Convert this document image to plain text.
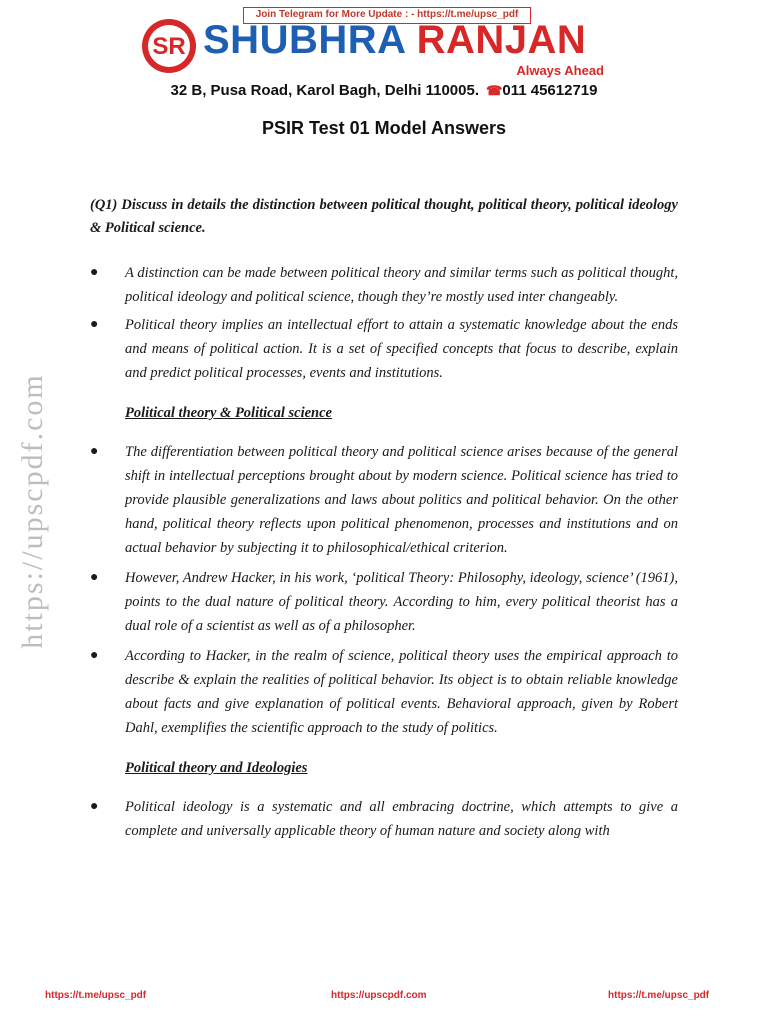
Join Telegram for More Update : - https://t.me/upsc_pdf
SR SHUBHRA RANJAN
Always Ahead
32 B, Pusa Road, Karol Bagh, Delhi 110005. ☎011 45612719
PSIR Test 01 Model Answers
https://upscpdf.com

(Q1) Discuss in details the distinction between political thought, political theory, political ideology & Political science.

● A distinction can be made between political theory and similar terms such as political thought, political ideology and political science, though they’re mostly used inter changeably.
● Political theory implies an intellectual effort to attain a systematic knowledge about the ends and means of political action. It is a set of specified concepts that focus to describe, explain and predict political processes, events and institutions.
Political theory & Political science
● The differentiation between political theory and political science arises because of the general shift in intellectual perceptions brought about by modern science. Political science has tried to provide plausible generalizations and laws about politics and political behavior. On the other hand, political theory reflects upon political phenomenon, processes and institutions and on actual behavior by subjecting it to philosophical/ethical criterion.
● However, Andrew Hacker, in his work, ‘political Theory: Philosophy, ideology, science’ (1961), points to the dual nature of political theory. According to him, every political theorist has a dual role of a scientist as well as of a philosopher.
● According to Hacker, in the realm of science, political theory uses the empirical approach to describe & explain the realities of political behavior. Its object is to obtain reliable knowledge about facts and give explanation of political events. Behavioral approach, given by Robert Dahl, exemplifies the scientific approach to the study of politics.
Political theory and Ideologies
● Political ideology is a systematic and all embracing doctrine, which attempts to give a complete and universally applicable theory of human nature and society along with
https://t.me/upsc_pdf	https://upscpdf.com	https://t.me/upsc_pdf
